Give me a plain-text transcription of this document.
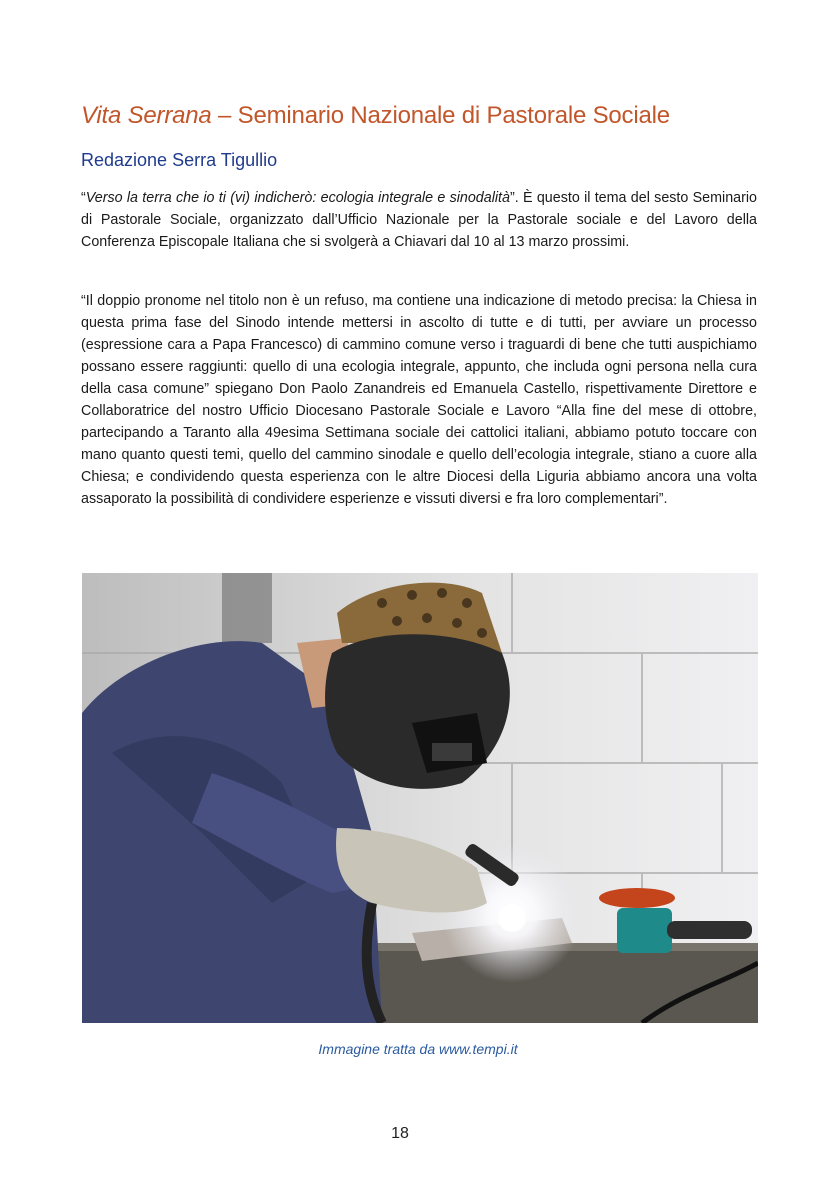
Vita Serrana – Seminario Nazionale di Pastorale Sociale
Redazione Serra Tigullio

“Verso la terra che io ti (vi) indicherò: ecologia integrale e sinodalità”. È questo il tema del sesto Seminario di Pastorale Sociale, organizzato dall’Ufficio Nazionale per la Pastorale sociale e del Lavoro della Conferenza Episcopale Italiana che si svolgerà a Chiavari dal 10 al 13 marzo prossimi.

“Il doppio pronome nel titolo non è un refuso, ma contiene una indicazione di metodo precisa: la Chiesa in questa prima fase del Sinodo intende mettersi in ascolto di tutte e di tutti, per avviare un processo (espressione cara a Papa Francesco) di cammino comune verso i traguardi di bene che tutti auspichiamo possano essere raggiunti: quello di una ecologia integrale, appunto, che includa ogni persona nella cura della casa comune” spiegano Don Paolo Zanandreis ed Emanuela Castello, rispettivamente Direttore e Collaboratrice del nostro Ufficio Diocesano Pastorale Sociale e Lavoro “Alla fine del mese di ottobre, partecipando a Taranto alla 49esima Settimana sociale dei cattolici italiani, abbiamo potuto toccare con mano quanto questi temi, quello del cammino sinodale e quello dell’ecologia integrale, stiano a cuore alla Chiesa; e condividendo questa esperienza con le altre Diocesi della Liguria abbiamo ancora una volta assaporato la possibilità di condividere esperienze e vissuti diversi e fra loro complementari”.

Immagine tratta da www.tempi.it
18
